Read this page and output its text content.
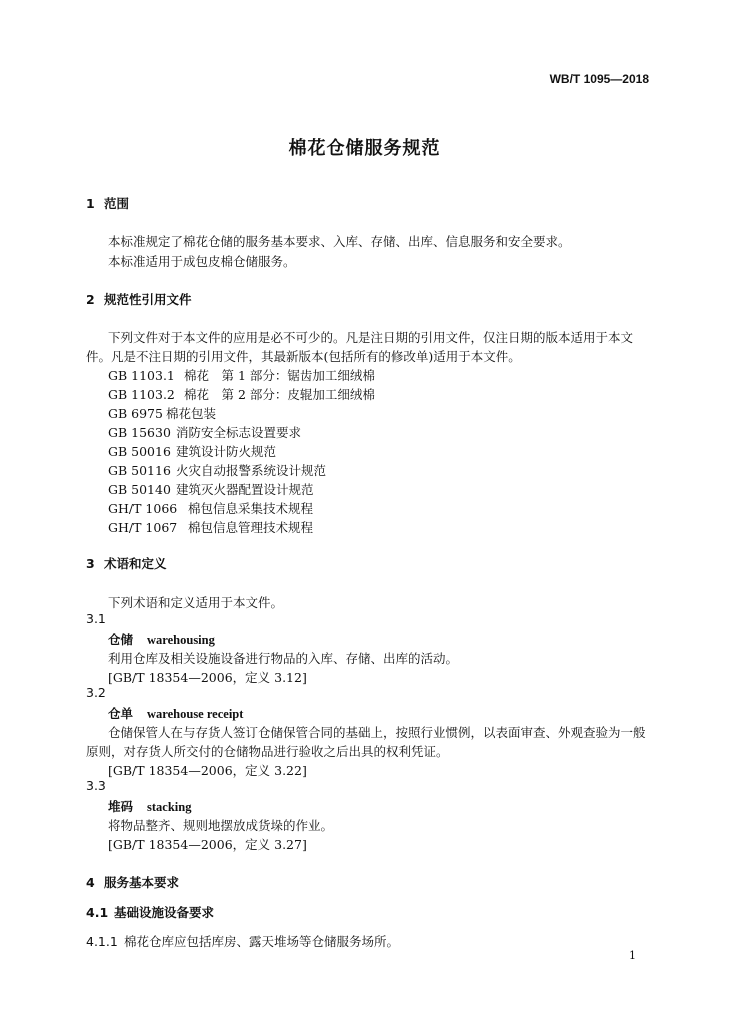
WB/T 1095—2018
棉花仓储服务规范
1 范围
本标准规定了棉花仓储的服务基本要求、入库、存储、出库、信息服务和安全要求。
本标准适用于成包皮棉仓储服务。
2 规范性引用文件
下列文件对于本文件的应用是必不可少的。凡是注日期的引用文件，仅注日期的版本适用于本文
件。凡是不注日期的引用文件，其最新版本(包括所有的修改单)适用于本文件。
GB 1103.1 棉花　第 1 部分：锯齿加工细绒棉
GB 1103.2 棉花　第 2 部分：皮辊加工细绒棉
GB 6975 棉花包装
GB 15630 消防安全标志设置要求
GB 50016 建筑设计防火规范
GB 50116 火灾自动报警系统设计规范
GB 50140 建筑灭火器配置设计规范
GH/T 1066 棉包信息采集技术规程
GH/T 1067 棉包信息管理技术规程
3 术语和定义
下列术语和定义适用于本文件。
3.1
仓储 warehousing
利用仓库及相关设施设备进行物品的入库、存储、出库的活动。
[GB/T 18354—2006，定义 3.12]
3.2
仓单 warehouse receipt
仓储保管人在与存货人签订仓储保管合同的基础上，按照行业惯例，以表面审查、外观查验为一般
原则，对存货人所交付的仓储物品进行验收之后出具的权利凭证。
[GB/T 18354—2006，定义 3.22]
3.3
堆码 stacking
将物品整齐、规则地摆放成货垛的作业。
[GB/T 18354—2006，定义 3.27]
4 服务基本要求
4.1 基础设施设备要求
4.1.1 棉花仓库应包括库房、露天堆场等仓储服务场所。
1
